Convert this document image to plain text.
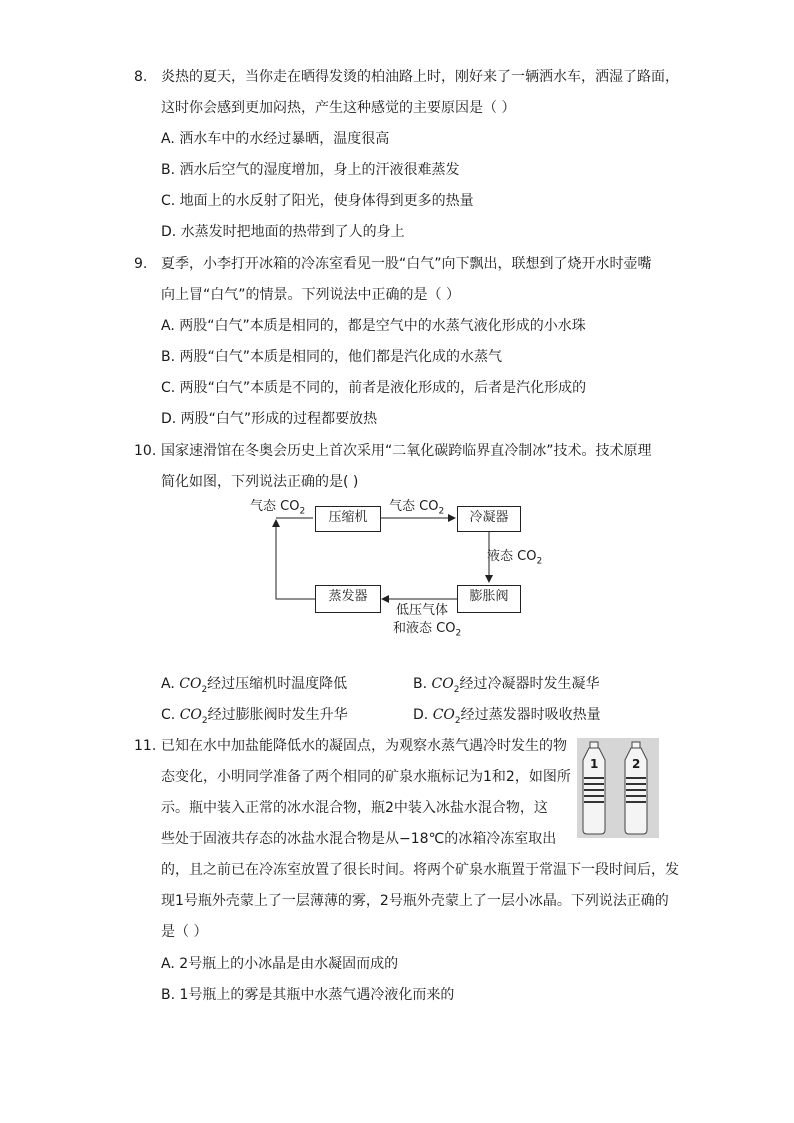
8. 炎热的夏天，当你走在晒得发烫的柏油路上时，刚好来了一辆洒水车，洒湿了路面，
这时你会感到更加闷热，产生这种感觉的主要原因是（ ）
A. 洒水车中的水经过暴晒，温度很高
B. 洒水后空气的湿度增加，身上的汗液很难蒸发
C. 地面上的水反射了阳光，使身体得到更多的热量
D. 水蒸发时把地面的热带到了人的身上
9. 夏季，小李打开冰箱的冷冻室看见一股“白气”向下飘出，联想到了烧开水时壶嘴
向上冒“白气”的情景。下列说法中正确的是（ ）
A. 两股“白气”本质是相同的，都是空气中的水蒸气液化形成的小水珠
B. 两股“白气”本质是相同的，他们都是汽化成的水蒸气
C. 两股“白气”本质是不同的，前者是液化形成的，后者是汽化形成的
D. 两股“白气”形成的过程都要放热
10. 国家速滑馆在冬奥会历史上首次采用“二氧化碳跨临界直冷制冰”技术。技术原理
简化如图，下列说法正确的是( )
压缩机	冷凝器
膨胀阀
蒸发器
气态 $CO_2$	气态 $CO_2$
液态 $CO_2$
低压气体
和液态 $CO_2$
A. $CO_2$经过压缩机时温度降低	B. $CO_2$经过冷凝器时发生凝华
C. $CO_2$经过膨胀阀时发生升华	D. $CO_2$经过蒸发器时吸收热量
11. 已知在水中加盐能降低水的凝固点，为观察水蒸气遇冷时发生的物
态变化，小明同学准备了两个相同的矿泉水瓶标记为1和2，如图所
示。瓶中装入正常的冰水混合物，瓶2中装入冰盐水混合物，这
些处于固液共存态的冰盐水混合物是从−18℃的冰箱冷冻室取出
的，且之前已在冷冻室放置了很长时间。将两个矿泉水瓶置于常温下一段时间后，发
现1号瓶外壳蒙上了一层薄薄的雾，2号瓶外壳蒙上了一层小冰晶。下列说法正确的
是（ ）
1	2
A. 2号瓶上的小冰晶是由水凝固而成的
B. 1号瓶上的雾是其瓶中水蒸气遇冷液化而来的
